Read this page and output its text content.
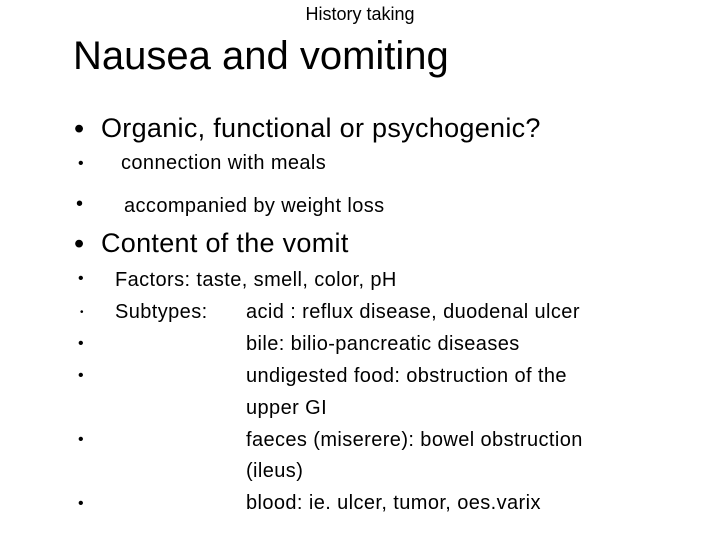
History taking
Nausea and vomiting
• Organic, functional or psychogenic?
• connection with meals
• accompanied by weight loss
• Content of the vomit
• Factors: taste, smell, color, pH
• Subtypes: acid : reflux disease, duodenal ulcer
•	bile: bilio-pancreatic diseases
•	undigested food: obstruction of the
upper GI
•	faeces (miserere): bowel obstruction
(ileus)
•	blood: ie. ulcer, tumor, oes.varix
